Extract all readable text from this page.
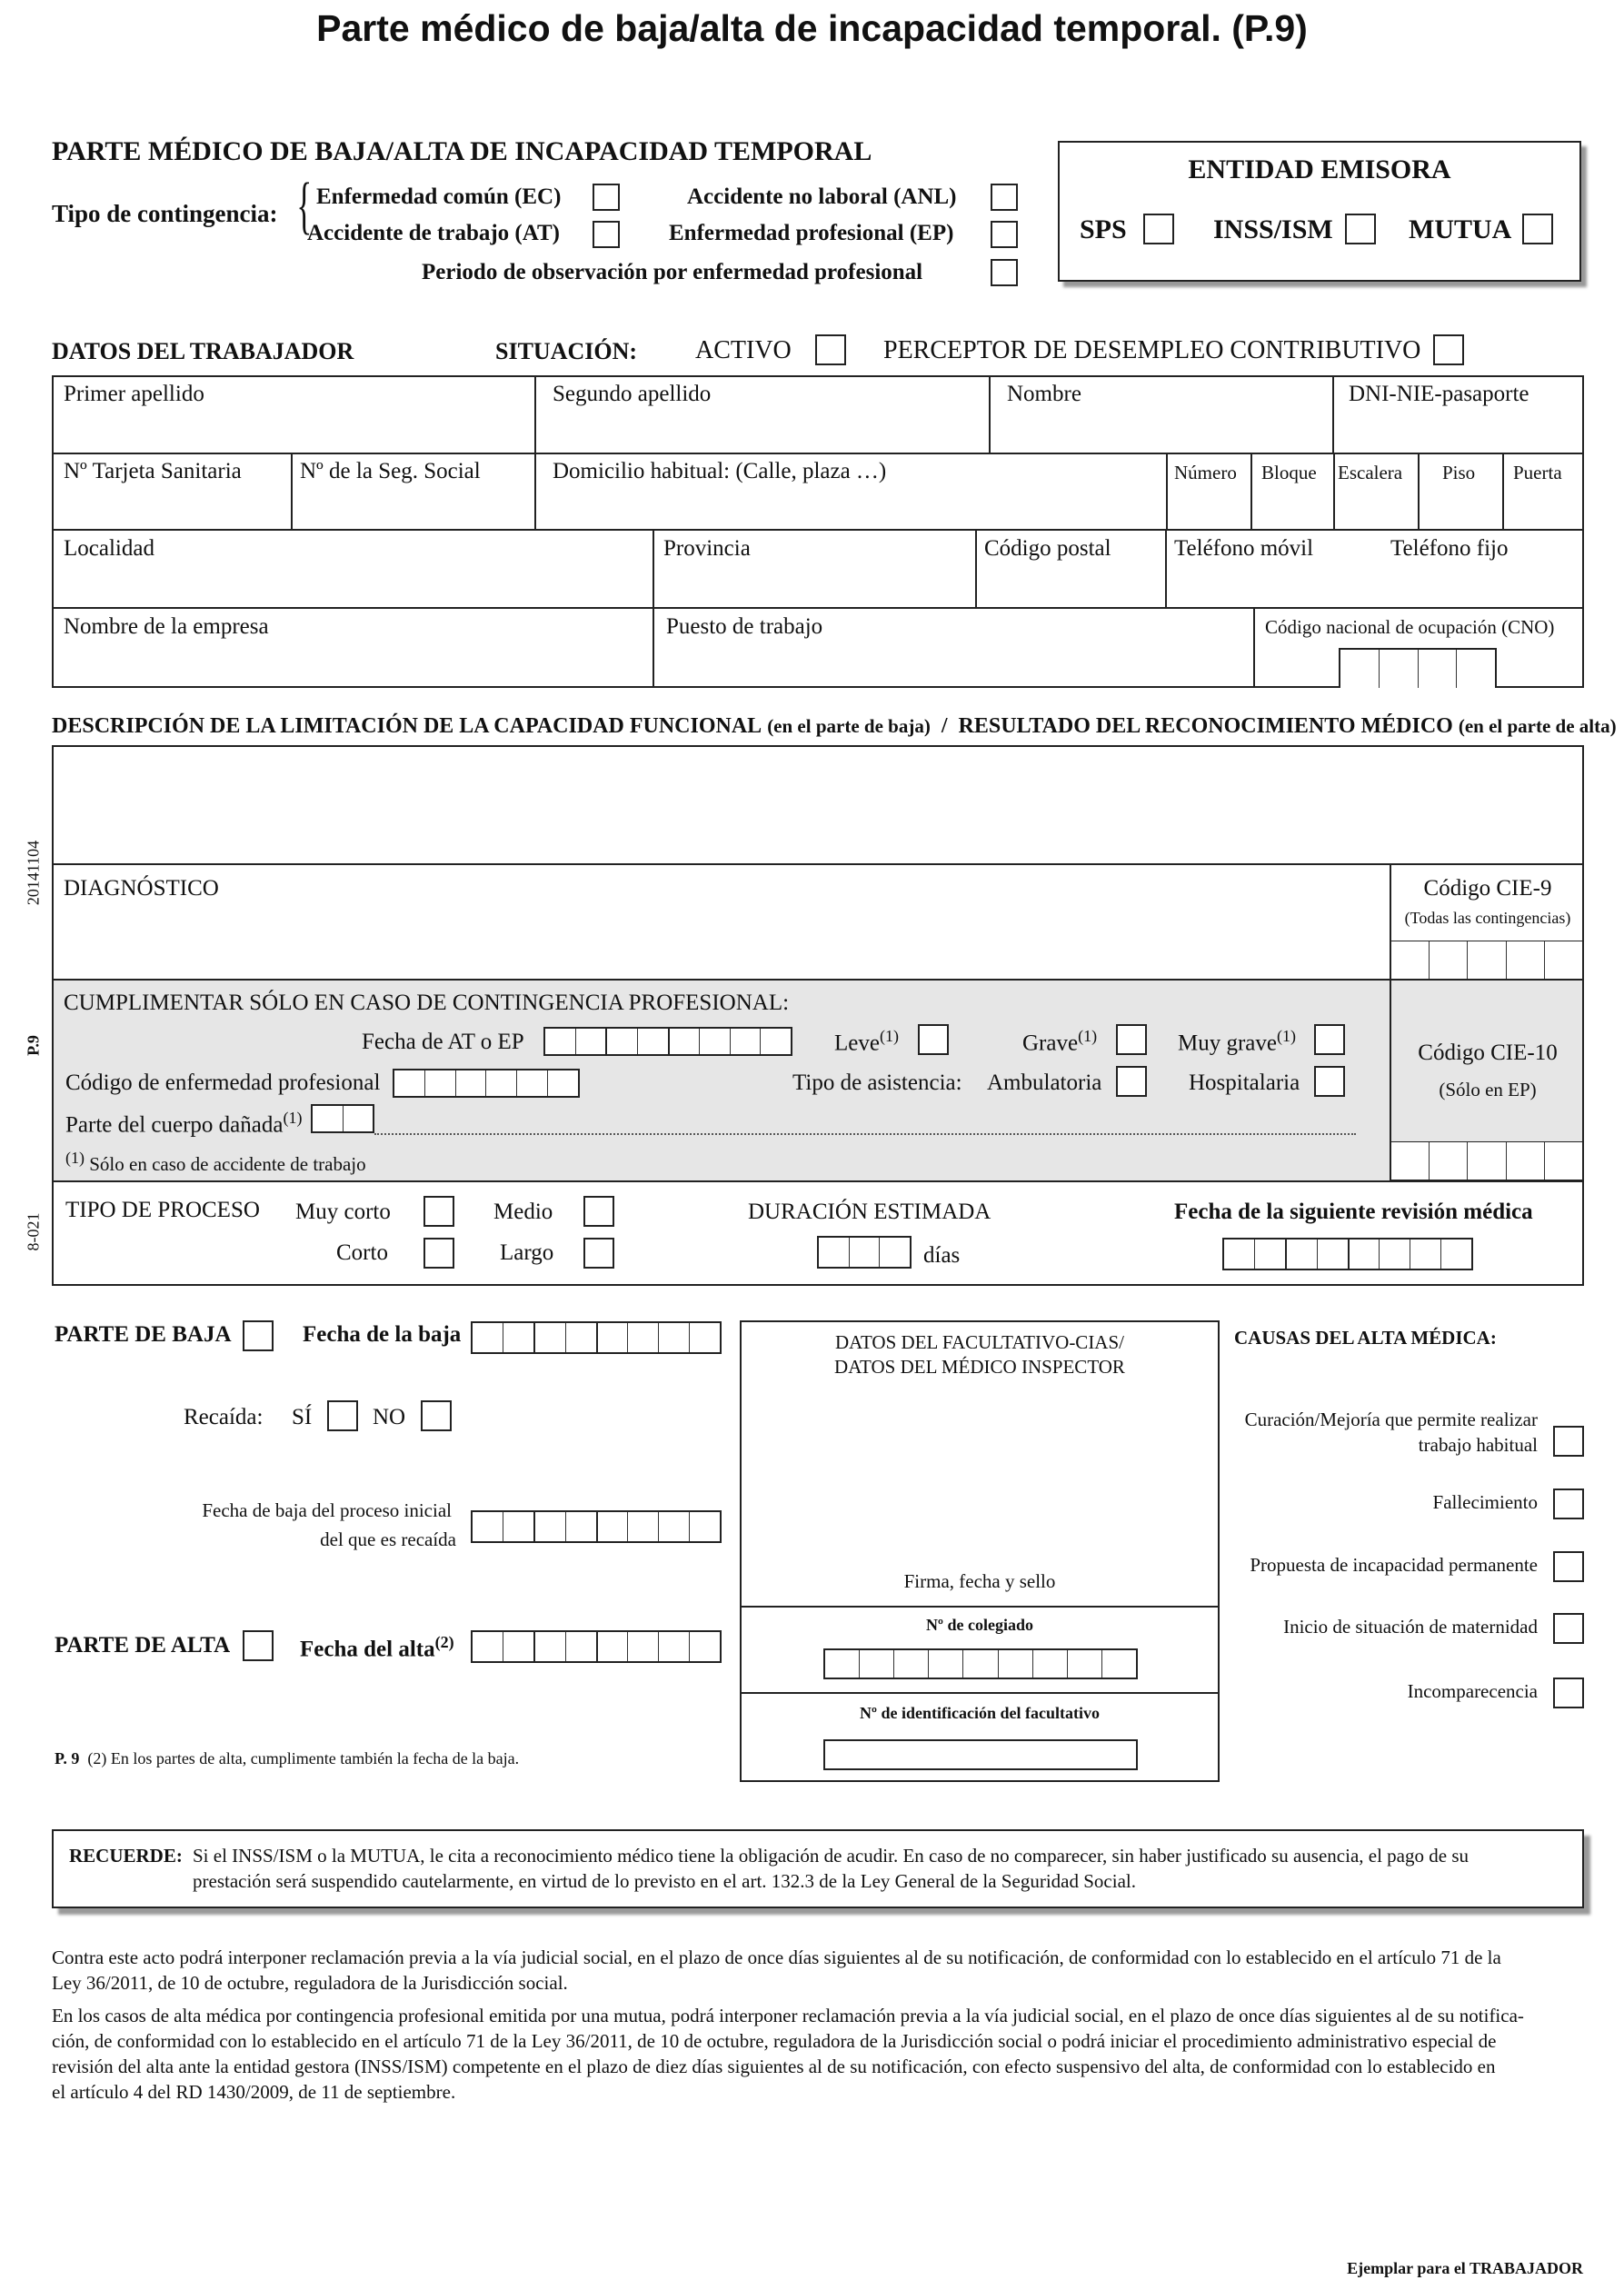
Parte médico de baja/alta de incapacidad temporal. (P.9)
PARTE MÉDICO DE BAJA/ALTA DE INCAPACIDAD TEMPORAL
Tipo de contingencia: { Enfermedad común (EC)
Accidente de trabajo (AT)
Accidente no laboral (ANL)
Enfermedad profesional (EP)
Periodo de observación por enfermedad profesional
ENTIDAD EMISORA
SPS	INSS/ISM	MUTUA
DATOS DEL TRABAJADOR	SITUACIÓN: ACTIVO	PERCEPTOR DE DESEMPLEO CONTRIBUTIVO
Primer apellido	Segundo apellido	Nombre	DNI-NIE-pasaporte
Nº Tarjeta Sanitaria	Nº de la Seg. Social	Domicilio habitual: (Calle, plaza …)	Número Bloque Escalera Piso Puerta
Localidad	Provincia	Código postal	Teléfono móvil	Teléfono fijo
Nombre de la empresa	Puesto de trabajo	Código nacional de ocupación (CNO)
DESCRIPCIÓN DE LA LIMITACIÓN DE LA CAPACIDAD FUNCIONAL (en el parte de baja) / RESULTADO DEL RECONOCIMIENTO MÉDICO (en el parte de alta)
DIAGNÓSTICO	Código CIE-9
(Todas las contingencias)
CUMPLIMENTAR SÓLO EN CASO DE CONTINGENCIA PROFESIONAL:
Fecha de AT o EP	Leve$^{(1)}$	Grave$^{(1)}$	Muy grave$^{(1)}$
Código de enfermedad profesional	Tipo de asistencia: Ambulatoria	Hospitalaria
Parte del cuerpo dañada$^{(1)}$
$^{(1)}$ Sólo en caso de accidente de trabajo
Código CIE-10
(Sólo en EP)
TIPO DE PROCESO Muy corto
Corto
Medio
Largo
DURACIÓN ESTIMADA
días
Fecha de la siguiente revisión médica
20141104
P.9
8-021
PARTE DE BAJA	Fecha de la baja
Recaída: SÍ	NO
Fecha de baja del proceso inicial
del que es recaída
PARTE DE ALTA	Fecha del alta$^{(2)}$
P. 9 (2) En los partes de alta, cumplimente también la fecha de la baja.
DATOS DEL FACULTATIVO-CIAS/
DATOS DEL MÉDICO INSPECTOR
Firma, fecha y sello
Nº de colegiado
Nº de identificación del facultativo
CAUSAS DEL ALTA MÉDICA:
Curación/Mejoría que permite realizar
trabajo habitual
Fallecimiento
Propuesta de incapacidad permanente
Inicio de situación de maternidad
Incomparecencia
RECUERDE: Si el INSS/ISM o la MUTUA, le cita a reconocimiento médico tiene la obligación de acudir. En caso de no comparecer, sin haber justificado su ausencia, el pago de su
prestación será suspendido cautelarmente, en virtud de lo previsto en el art. 132.3 de la Ley General de la Seguridad Social.
Contra este acto podrá interponer reclamación previa a la vía judicial social, en el plazo de once días siguientes al de su notificación, de conformidad con lo establecido en el artículo 71 de la
Ley 36/2011, de 10 de octubre, reguladora de la Jurisdicción social.
En los casos de alta médica por contingencia profesional emitida por una mutua, podrá interponer reclamación previa a la vía judicial social, en el plazo de once días siguientes al de su notifica-
ción, de conformidad con lo establecido en el artículo 71 de la Ley 36/2011, de 10 de octubre, reguladora de la Jurisdicción social o podrá iniciar el procedimiento administrativo especial de
revisión del alta ante la entidad gestora (INSS/ISM) competente en el plazo de diez días siguientes al de su notificación, con efecto suspensivo del alta, de conformidad con lo establecido en
el artículo 4 del RD 1430/2009, de 11 de septiembre.
Ejemplar para el TRABAJADOR
